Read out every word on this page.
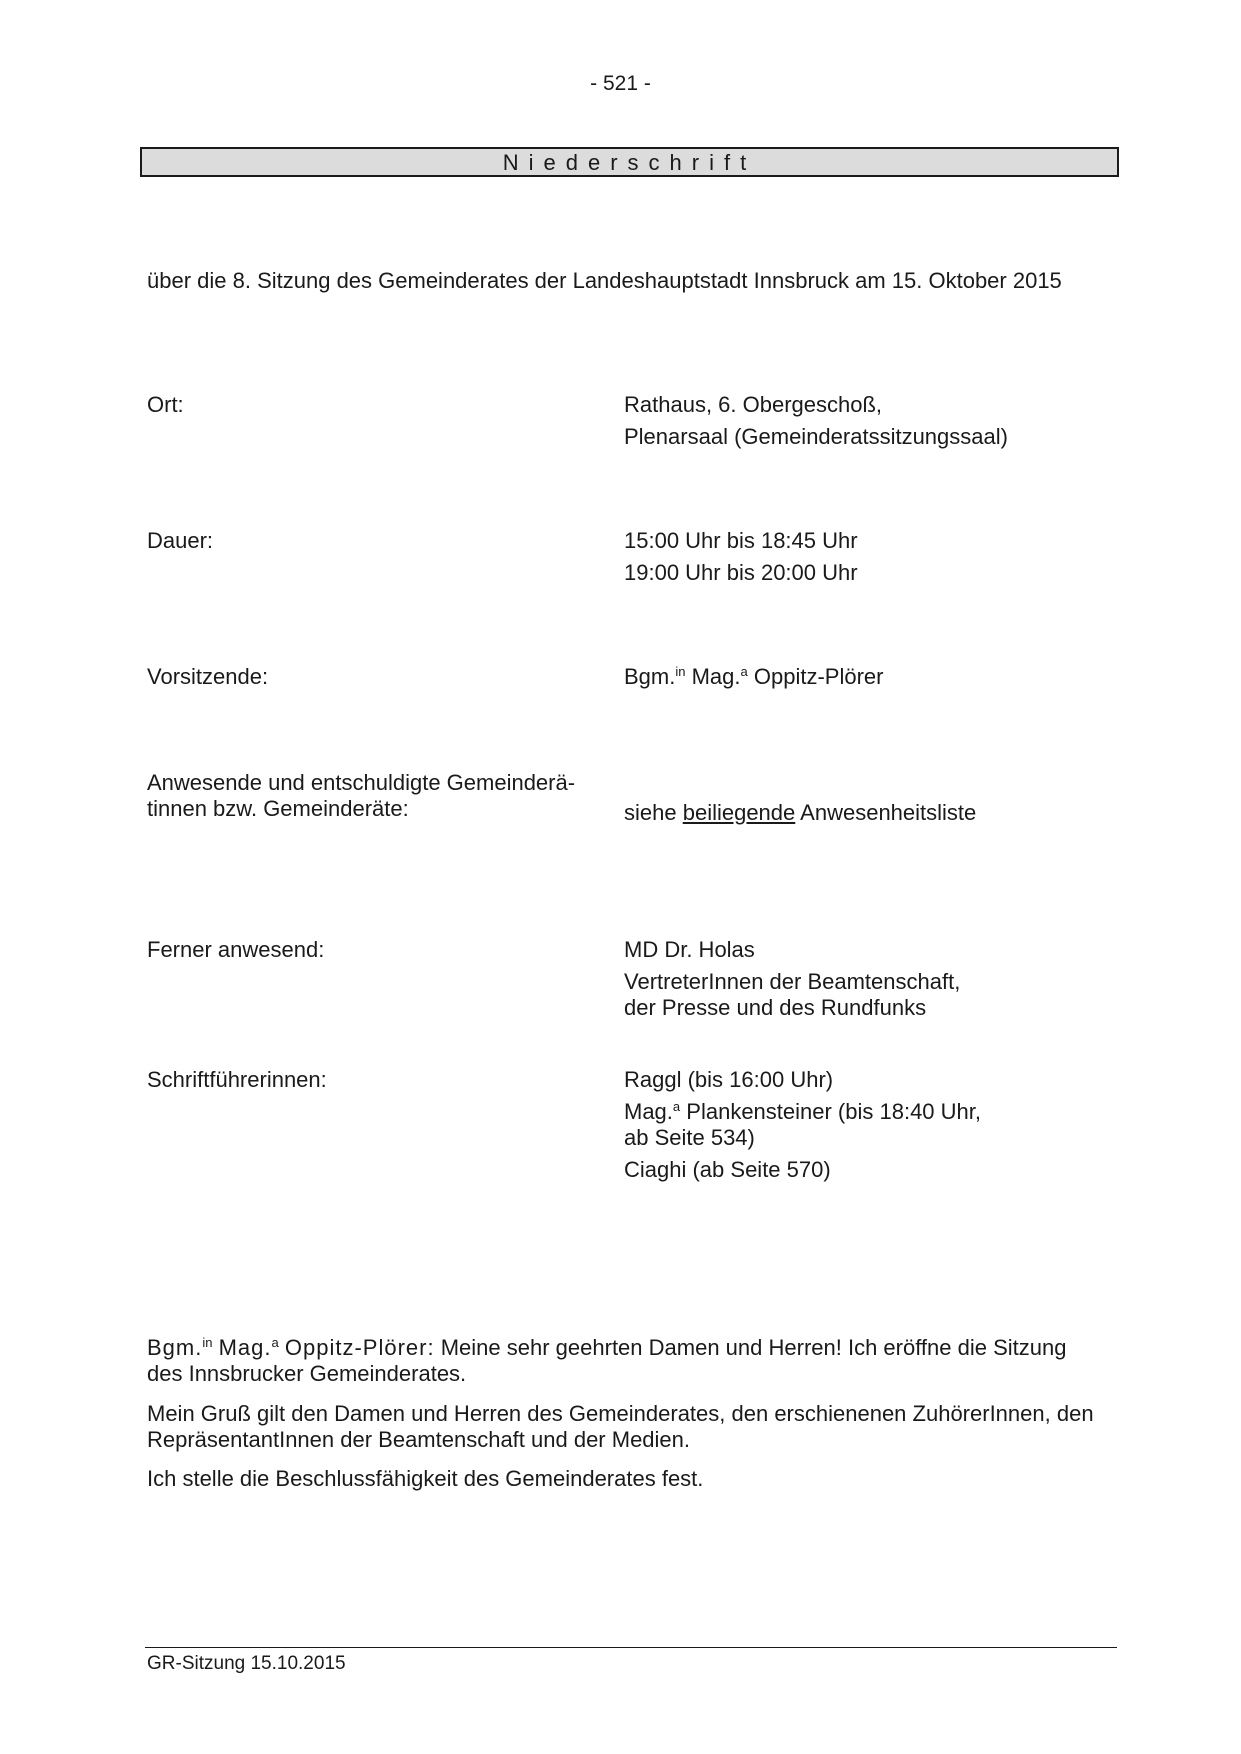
- 521 -
Niederschrift
über die 8. Sitzung des Gemeinderates der Landeshauptstadt Innsbruck am 15. Oktober 2015
Ort:	Rathaus, 6. Obergeschoß,
Plenarsaal (Gemeinderatssitzungssaal)
Dauer:	15:00 Uhr bis 18:45 Uhr
19:00 Uhr bis 20:00 Uhr
Vorsitzende:	Bgm.$^{in}$ Mag.$^a$ Oppitz-Plörer
Anwesende und entschuldigte Gemeinderä-
tinnen bzw. Gemeinderäte:	siehe beiliegende Anwesenheitsliste
Ferner anwesend:	MD Dr. Holas
VertreterInnen der Beamtenschaft,
der Presse und des Rundfunks
Schriftführerinnen:	Raggl (bis 16:00 Uhr)
Mag.$^a$ Plankensteiner (bis 18:40 Uhr,
ab Seite 534)
Ciaghi (ab Seite 570)
Bgm.$^{in}$ Mag.$^a$ Oppitz-Plörer: Meine sehr geehrten Damen und Herren! Ich eröffne die Sitzung des Innsbrucker Gemeinderates.
Mein Gruß gilt den Damen und Herren des Gemeinderates, den erschienenen ZuhörerInnen, den RepräsentantInnen der Beamtenschaft und der Medien.
Ich stelle die Beschlussfähigkeit des Gemeinderates fest.
GR-Sitzung 15.10.2015
